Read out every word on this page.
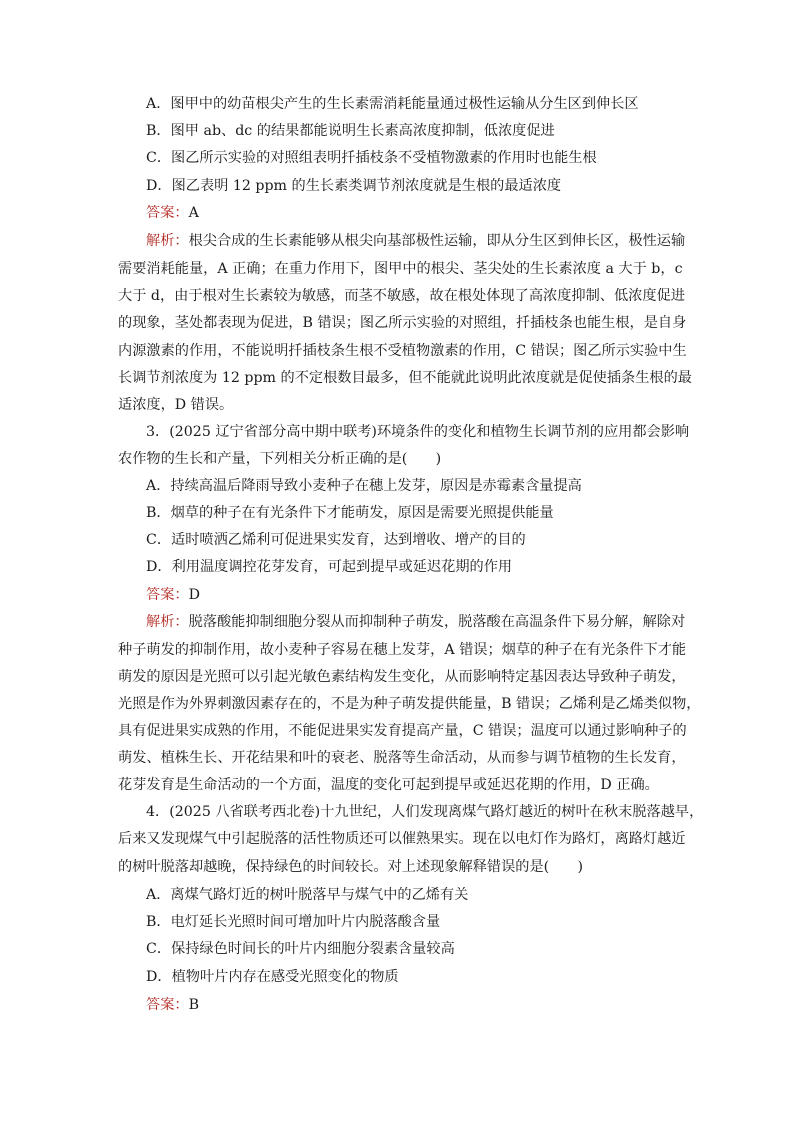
A．图甲中的幼苗根尖产生的生长素需消耗能量通过极性运输从分生区到伸长区
B．图甲 ab、dc 的结果都能说明生长素高浓度抑制，低浓度促进
C．图乙所示实验的对照组表明扦插枝条不受植物激素的作用时也能生根
D．图乙表明 12 ppm 的生长素类调节剂浓度就是生根的最适浓度
答案：A
解析：根尖合成的生长素能够从根尖向基部极性运输，即从分生区到伸长区，极性运输
需要消耗能量，A 正确；在重力作用下，图甲中的根尖、茎尖处的生长素浓度 a 大于 b，c
大于 d，由于根对生长素较为敏感，而茎不敏感，故在根处体现了高浓度抑制、低浓度促进
的现象，茎处都表现为促进，B 错误；图乙所示实验的对照组，扦插枝条也能生根，是自身
内源激素的作用，不能说明扦插枝条生根不受植物激素的作用，C 错误；图乙所示实验中生
长调节剂浓度为 12 ppm 的不定根数目最多，但不能就此说明此浓度就是促使插条生根的最
适浓度，D 错误。
3．(2025 辽宁省部分高中期中联考)环境条件的变化和植物生长调节剂的应用都会影响
农作物的生长和产量，下列相关分析正确的是(　　)
A．持续高温后降雨导致小麦种子在穗上发芽，原因是赤霉素含量提高
B．烟草的种子在有光条件下才能萌发，原因是需要光照提供能量
C．适时喷洒乙烯利可促进果实发育，达到增收、增产的目的
D．利用温度调控花芽发育，可起到提早或延迟花期的作用
答案：D
解析：脱落酸能抑制细胞分裂从而抑制种子萌发，脱落酸在高温条件下易分解，解除对
种子萌发的抑制作用，故小麦种子容易在穗上发芽，A 错误；烟草的种子在有光条件下才能
萌发的原因是光照可以引起光敏色素结构发生变化，从而影响特定基因表达导致种子萌发，
光照是作为外界刺激因素存在的，不是为种子萌发提供能量，B 错误；乙烯利是乙烯类似物，
具有促进果实成熟的作用，不能促进果实发育提高产量，C 错误；温度可以通过影响种子的
萌发、植株生长、开花结果和叶的衰老、脱落等生命活动，从而参与调节植物的生长发育，
花芽发育是生命活动的一个方面，温度的变化可起到提早或延迟花期的作用，D 正确。
4．(2025 八省联考西北卷)十九世纪，人们发现离煤气路灯越近的树叶在秋末脱落越早，
后来又发现煤气中引起脱落的活性物质还可以催熟果实。现在以电灯作为路灯，离路灯越近
的树叶脱落却越晚，保持绿色的时间较长。对上述现象解释错误的是(　　)
A．离煤气路灯近的树叶脱落早与煤气中的乙烯有关
B．电灯延长光照时间可增加叶片内脱落酸含量
C．保持绿色时间长的叶片内细胞分裂素含量较高
D．植物叶片内存在感受光照变化的物质
答案：B
